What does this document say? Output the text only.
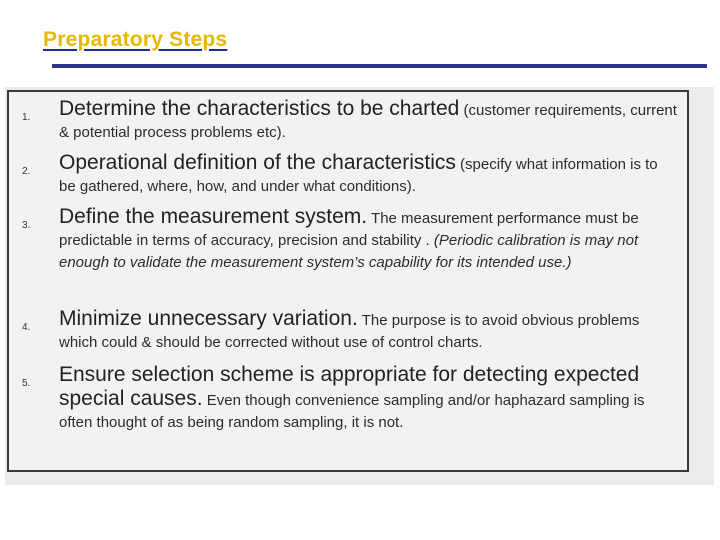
Preparatory Steps
1. Determine the characteristics to be charted (customer requirements, current & potential process problems etc).
2. Operational definition of the characteristics (specify what information is to be gathered, where, how, and under what conditions).
3. Define the measurement system. The measurement performance must be predictable in terms of accuracy, precision and stability . (Periodic calibration is may not enough to validate the measurement system’s capability for its intended use.)
4. Minimize unnecessary variation. The purpose is to avoid obvious problems which could & should be corrected without use of control charts.
5. Ensure selection scheme is appropriate for detecting expected special causes. Even though convenience sampling and/or haphazard sampling is often thought of as being random sampling, it is not.
